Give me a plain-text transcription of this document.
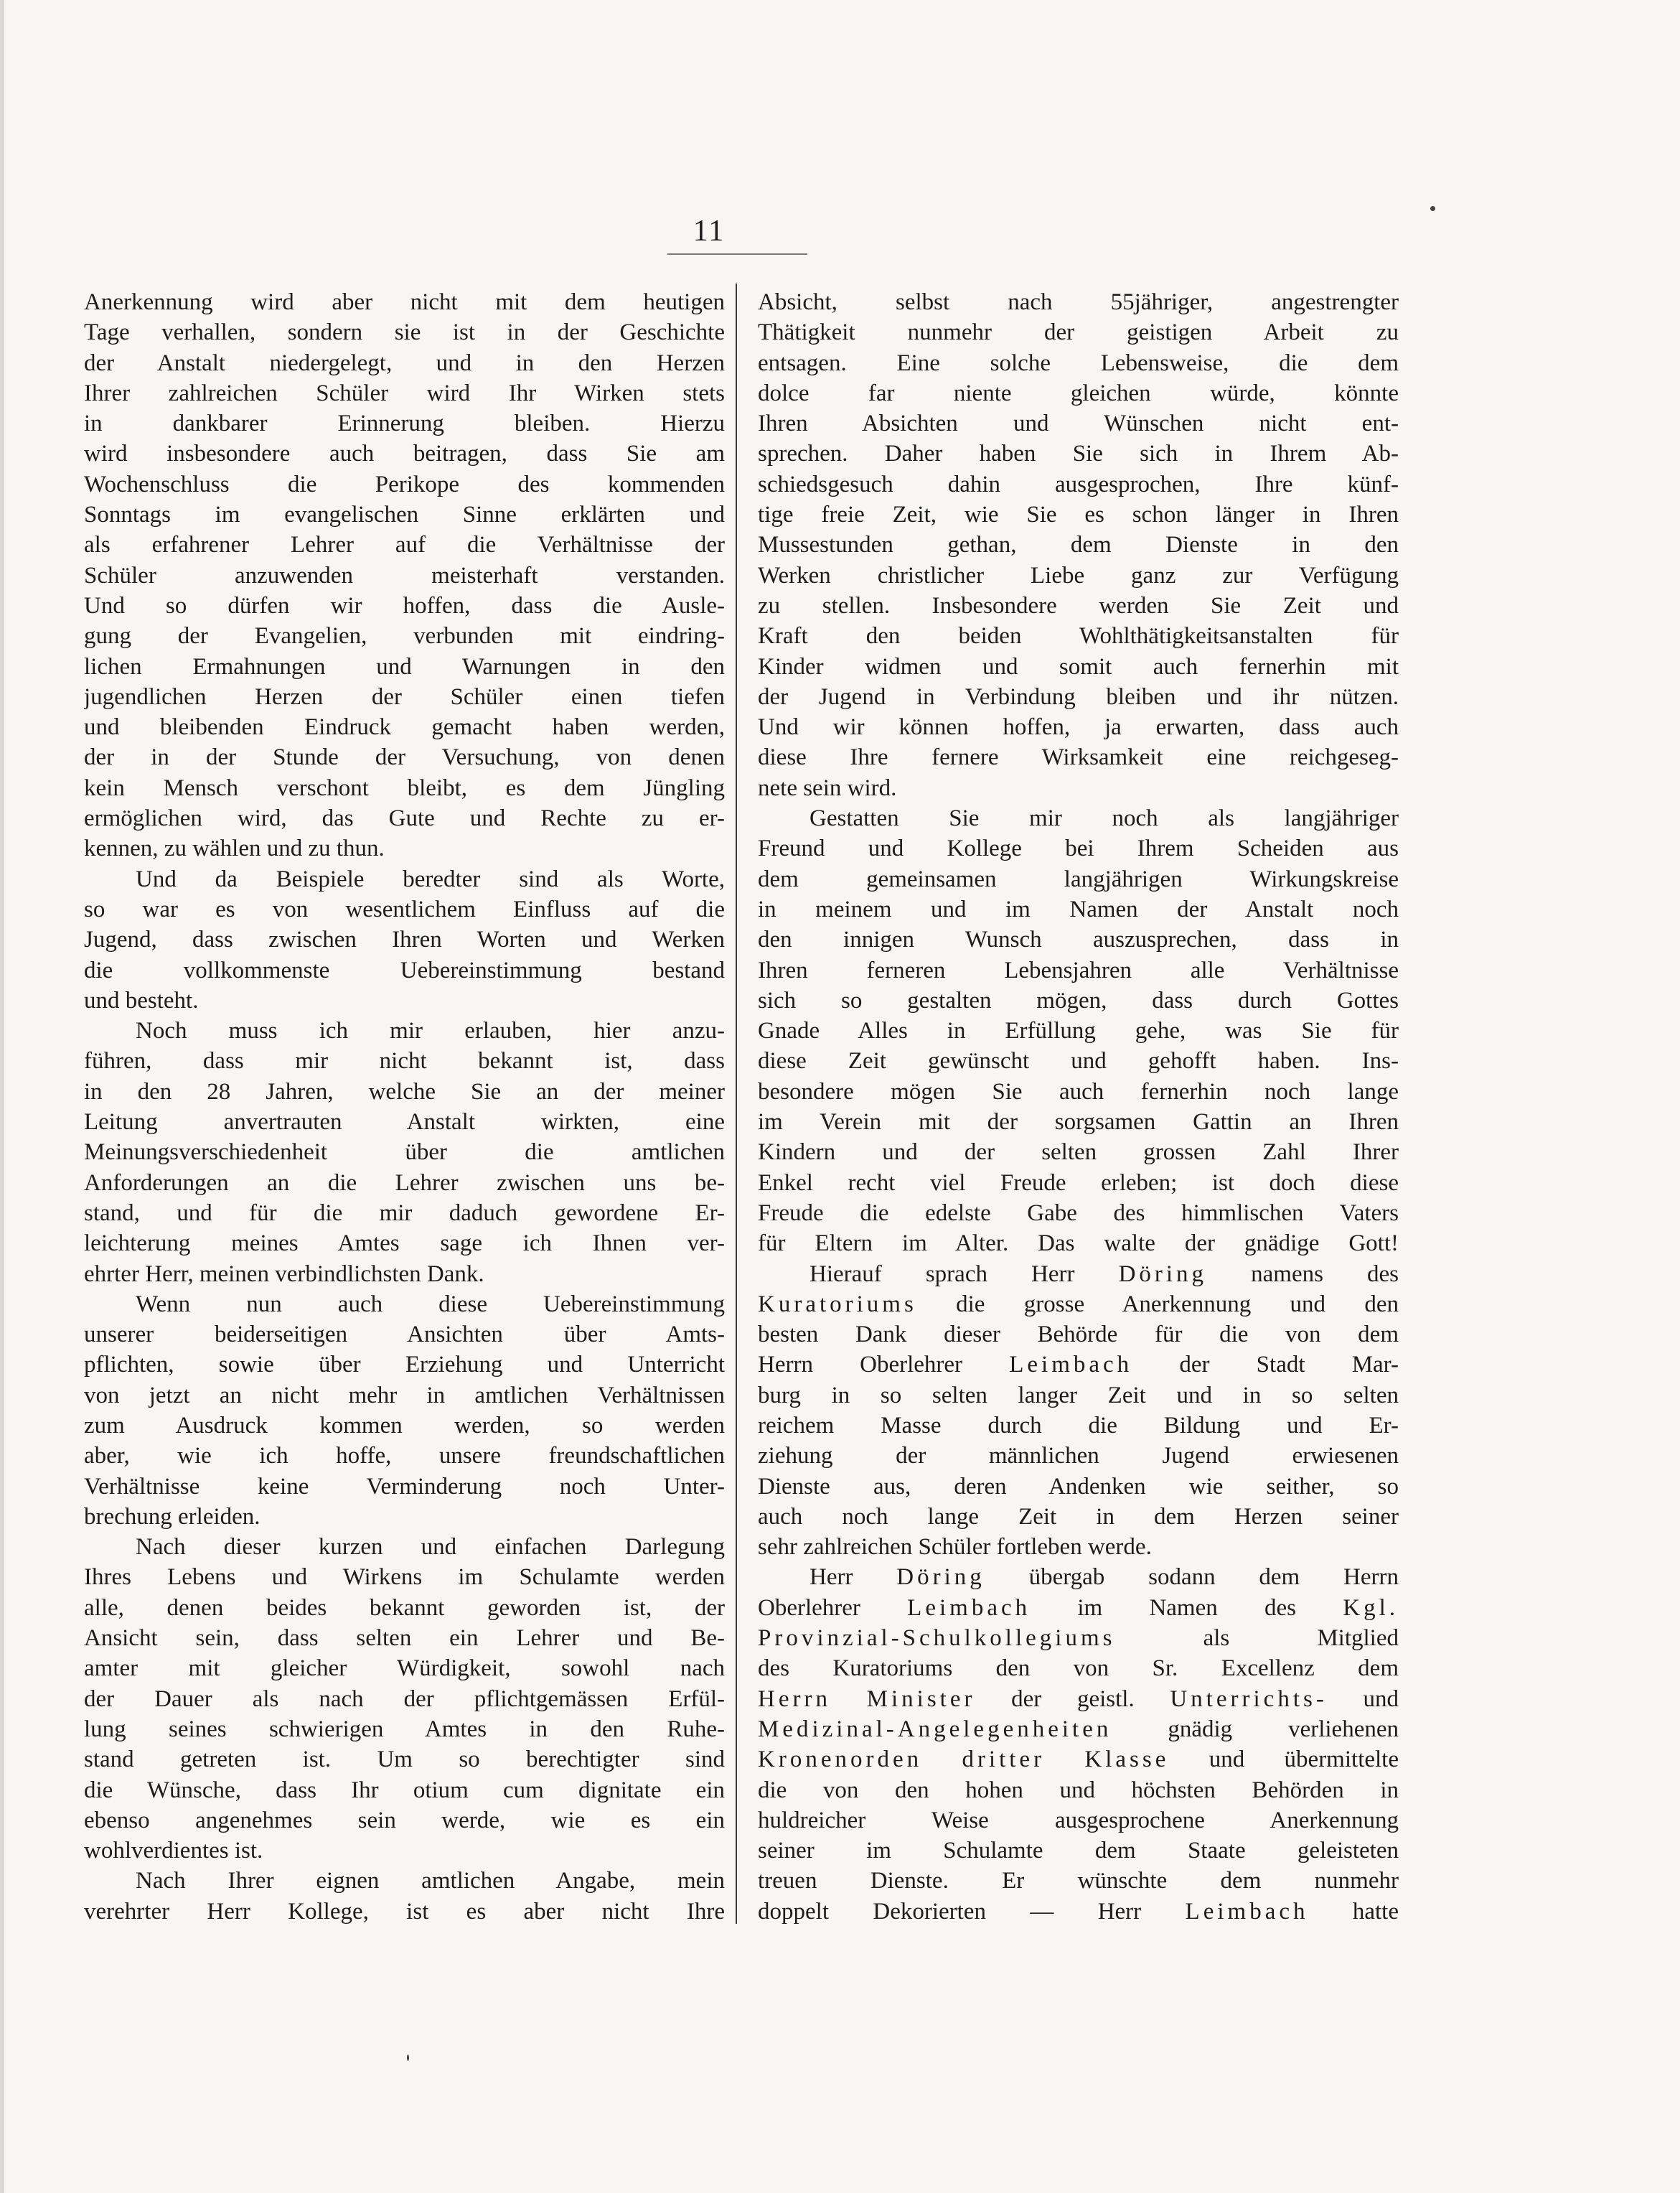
11
Anerkennung wird aber nicht mit dem heutigen
Tage verhallen, sondern sie ist in der Geschichte
der Anstalt niedergelegt, und in den Herzen
Ihrer zahlreichen Schüler wird Ihr Wirken stets
in dankbarer Erinnerung bleiben. Hierzu
wird insbesondere auch beitragen, dass Sie am
Wochenschluss die Perikope des kommenden
Sonntags im evangelischen Sinne erklärten und
als erfahrener Lehrer auf die Verhältnisse der
Schüler anzuwenden meisterhaft verstanden.
Und so dürfen wir hoffen, dass die Ausle-
gung der Evangelien, verbunden mit eindring-
lichen Ermahnungen und Warnungen in den
jugendlichen Herzen der Schüler einen tiefen
und bleibenden Eindruck gemacht haben werden,
der in der Stunde der Versuchung, von denen
kein Mensch verschont bleibt, es dem Jüngling
ermöglichen wird, das Gute und Rechte zu er-
kennen, zu wählen und zu thun.
Und da Beispiele beredter sind als Worte,
so war es von wesentlichem Einfluss auf die
Jugend, dass zwischen Ihren Worten und Werken
die vollkommenste Uebereinstimmung bestand
und besteht.
Noch muss ich mir erlauben, hier anzu-
führen, dass mir nicht bekannt ist, dass
in den 28 Jahren, welche Sie an der meiner
Leitung anvertrauten Anstalt wirkten, eine
Meinungsverschiedenheit über die amtlichen
Anforderungen an die Lehrer zwischen uns be-
stand, und für die mir daduch gewordene Er-
leichterung meines Amtes sage ich Ihnen ver-
ehrter Herr, meinen verbindlichsten Dank.
Wenn nun auch diese Uebereinstimmung
unserer beiderseitigen Ansichten über Amts-
pflichten, sowie über Erziehung und Unterricht
von jetzt an nicht mehr in amtlichen Verhältnissen
zum Ausdruck kommen werden, so werden
aber, wie ich hoffe, unsere freundschaftlichen
Verhältnisse keine Verminderung noch Unter-
brechung erleiden.
Nach dieser kurzen und einfachen Darlegung
Ihres Lebens und Wirkens im Schulamte werden
alle, denen beides bekannt geworden ist, der
Ansicht sein, dass selten ein Lehrer und Be-
amter mit gleicher Würdigkeit, sowohl nach
der Dauer als nach der pflichtgemässen Erfül-
lung seines schwierigen Amtes in den Ruhe-
stand getreten ist. Um so berechtigter sind
die Wünsche, dass Ihr otium cum dignitate ein
ebenso angenehmes sein werde, wie es ein
wohlverdientes ist.
Nach Ihrer eignen amtlichen Angabe, mein
verehrter Herr Kollege, ist es aber nicht Ihre
Absicht, selbst nach 55jähriger, angestrengter
Thätigkeit nunmehr der geistigen Arbeit zu
entsagen. Eine solche Lebensweise, die dem
dolce far niente gleichen würde, könnte
Ihren Absichten und Wünschen nicht ent-
sprechen. Daher haben Sie sich in Ihrem Ab-
schiedsgesuch dahin ausgesprochen, Ihre künf-
tige freie Zeit, wie Sie es schon länger in Ihren
Mussestunden gethan, dem Dienste in den
Werken christlicher Liebe ganz zur Verfügung
zu stellen. Insbesondere werden Sie Zeit und
Kraft den beiden Wohlthätigkeitsanstalten für
Kinder widmen und somit auch fernerhin mit
der Jugend in Verbindung bleiben und ihr nützen.
Und wir können hoffen, ja erwarten, dass auch
diese Ihre fernere Wirksamkeit eine reichgeseg-
nete sein wird.
Gestatten Sie mir noch als langjähriger
Freund und Kollege bei Ihrem Scheiden aus
dem gemeinsamen langjährigen Wirkungskreise
in meinem und im Namen der Anstalt noch
den innigen Wunsch auszusprechen, dass in
Ihren ferneren Lebensjahren alle Verhältnisse
sich so gestalten mögen, dass durch Gottes
Gnade Alles in Erfüllung gehe, was Sie für
diese Zeit gewünscht und gehofft haben. Ins-
besondere mögen Sie auch fernerhin noch lange
im Verein mit der sorgsamen Gattin an Ihren
Kindern und der selten grossen Zahl Ihrer
Enkel recht viel Freude erleben; ist doch diese
Freude die edelste Gabe des himmlischen Vaters
für Eltern im Alter. Das walte der gnädige Gott!
Hierauf sprach Herr Döring namens des
Kuratoriums die grosse Anerkennung und den
besten Dank dieser Behörde für die von dem
Herrn Oberlehrer Leimbach der Stadt Mar-
burg in so selten langer Zeit und in so selten
reichem Masse durch die Bildung und Er-
ziehung der männlichen Jugend erwiesenen
Dienste aus, deren Andenken wie seither, so
auch noch lange Zeit in dem Herzen seiner
sehr zahlreichen Schüler fortleben werde.
Herr Döring übergab sodann dem Herrn
Oberlehrer Leimbach im Namen des Kgl.
Provinzial-Schulkollegiums als Mitglied
des Kuratoriums den von Sr. Excellenz dem
Herrn Minister der geistl. Unterrichts- und
Medizinal-Angelegenheiten gnädig verliehenen
Kronenorden dritter Klasse und übermittelte
die von den hohen und höchsten Behörden in
huldreicher Weise ausgesprochene Anerkennung
seiner im Schulamte dem Staate geleisteten
treuen Dienste. Er wünschte dem nunmehr
doppelt Dekorierten — Herr Leimbach hatte
